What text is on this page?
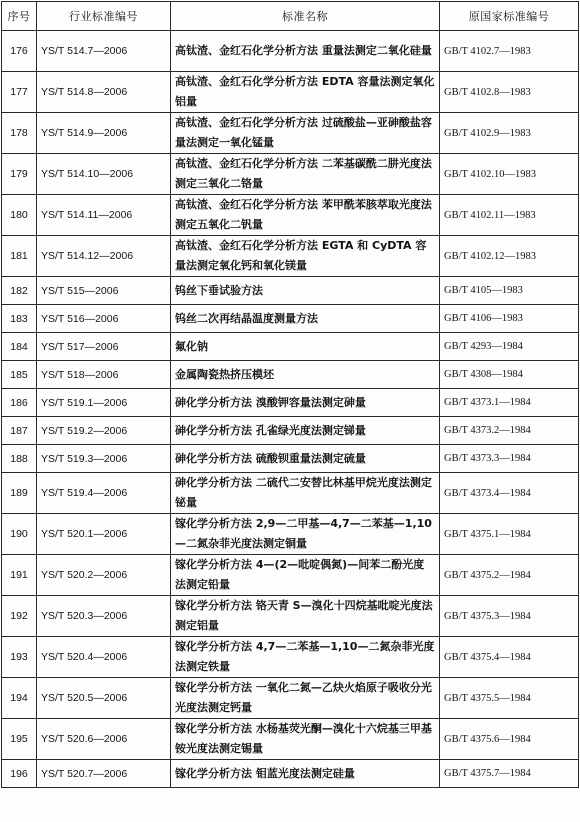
序号	行业标准编号	标准名称	原国家标准编号
176	YS/T 514.7—2006	高钛渣、金红石化学分析方法 重量法测定二氧化硅量	GB/T 4102.7—1983
177	YS/T 514.8—2006	高钛渣、金红石化学分析方法 EDTA 容量法测定氧化铝量	GB/T 4102.8—1983
178	YS/T 514.9—2006	高钛渣、金红石化学分析方法 过硫酸盐—亚砷酸盐容量法测定一氧化锰量	GB/T 4102.9—1983
179	YS/T 514.10—2006	高钛渣、金红石化学分析方法 二苯基碳酰二肼光度法测定三氧化二铬量	GB/T 4102.10—1983
180	YS/T 514.11—2006	高钛渣、金红石化学分析方法 苯甲酰苯胲萃取光度法测定五氧化二钒量	GB/T 4102.11—1983
181	YS/T 514.12—2006	高钛渣、金红石化学分析方法 EGTA 和 CyDTA 容量法测定氧化钙和氧化镁量	GB/T 4102.12—1983
182	YS/T 515—2006	钨丝下垂试验方法	GB/T 4105—1983
183	YS/T 516—2006	钨丝二次再结晶温度测量方法	GB/T 4106—1983
184	YS/T 517—2006	氟化钠	GB/T 4293—1984
185	YS/T 518—2006	金属陶瓷热挤压模坯	GB/T 4308—1984
186	YS/T 519.1—2006	砷化学分析方法 溴酸钾容量法测定砷量	GB/T 4373.1—1984
187	YS/T 519.2—2006	砷化学分析方法 孔雀绿光度法测定锑量	GB/T 4373.2—1984
188	YS/T 519.3—2006	砷化学分析方法 硫酸钡重量法测定硫量	GB/T 4373.3—1984
189	YS/T 519.4—2006	砷化学分析方法 二硫代二安替比林基甲烷光度法测定铋量	GB/T 4373.4—1984
190	YS/T 520.1—2006	镓化学分析方法 2,9—二甲基—4,7—二苯基—1,10—二氮杂菲光度法测定铜量	GB/T 4375.1—1984
191	YS/T 520.2—2006	镓化学分析方法 4—(2—吡啶偶氮)—间苯二酚光度法测定铅量	GB/T 4375.2—1984
192	YS/T 520.3—2006	镓化学分析方法 铬天青 S—溴化十四烷基吡啶光度法测定铝量	GB/T 4375.3—1984
193	YS/T 520.4—2006	镓化学分析方法 4,7—二苯基—1,10—二氮杂菲光度法测定铁量	GB/T 4375.4—1984
194	YS/T 520.5—2006	镓化学分析方法 一氧化二氮—乙炔火焰原子吸收分光光度法测定钙量	GB/T 4375.5—1984
195	YS/T 520.6—2006	镓化学分析方法 水杨基荧光酮—溴化十六烷基三甲基铵光度法测定锡量	GB/T 4375.6—1984
196	YS/T 520.7—2006	镓化学分析方法 钼蓝光度法测定硅量	GB/T 4375.7—1984
